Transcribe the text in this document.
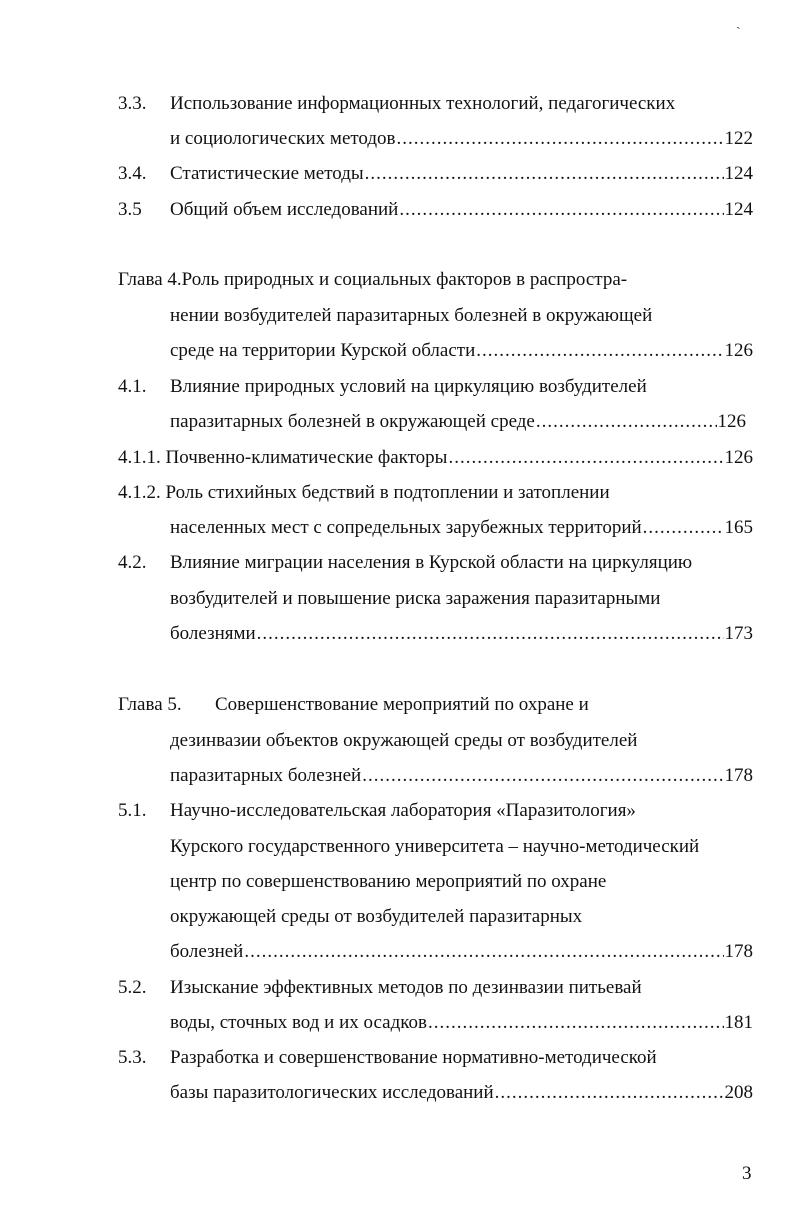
ˏ
3.3. Использование информационных технологий, педагогических
и социологических методов .....	122
3.4. Статистические методы .....	124
3.5 Общий объем исследований .....	124
Глава 4.Роль природных и социальных факторов в распростра-
нении возбудителей паразитарных болезней в окружающей
среде на территории Курской области .....	126
4.1. Влияние природных условий на циркуляцию возбудителей
паразитарных болезней в окружающей среде .....	126
4.1.1. Почвенно-климатические факторы .....	126
4.1.2. Роль стихийных бедствий в подтоплении и затоплении
населенных мест с сопредельных зарубежных территорий .....	165
4.2. Влияние миграции населения в Курской области на циркуляцию
возбудителей и повышение риска заражения паразитарными
болезнями .....	173
Глава 5. Совершенствование мероприятий по охране и
дезинвазии объектов окружающей среды от возбудителей
паразитарных болезней .....	178
5.1. Научно-исследовательская лаборатория «Паразитология»
Курского государственного университета – научно-методический
центр по совершенствованию мероприятий по охране
окружающей среды от возбудителей паразитарных
болезней .....	178
5.2. Изыскание эффективных методов по дезинвазии питьевай
воды, сточных вод и их осадков .....	181
5.3. Разработка и совершенствование нормативно-методической
базы паразитологических исследований .....	208
3
